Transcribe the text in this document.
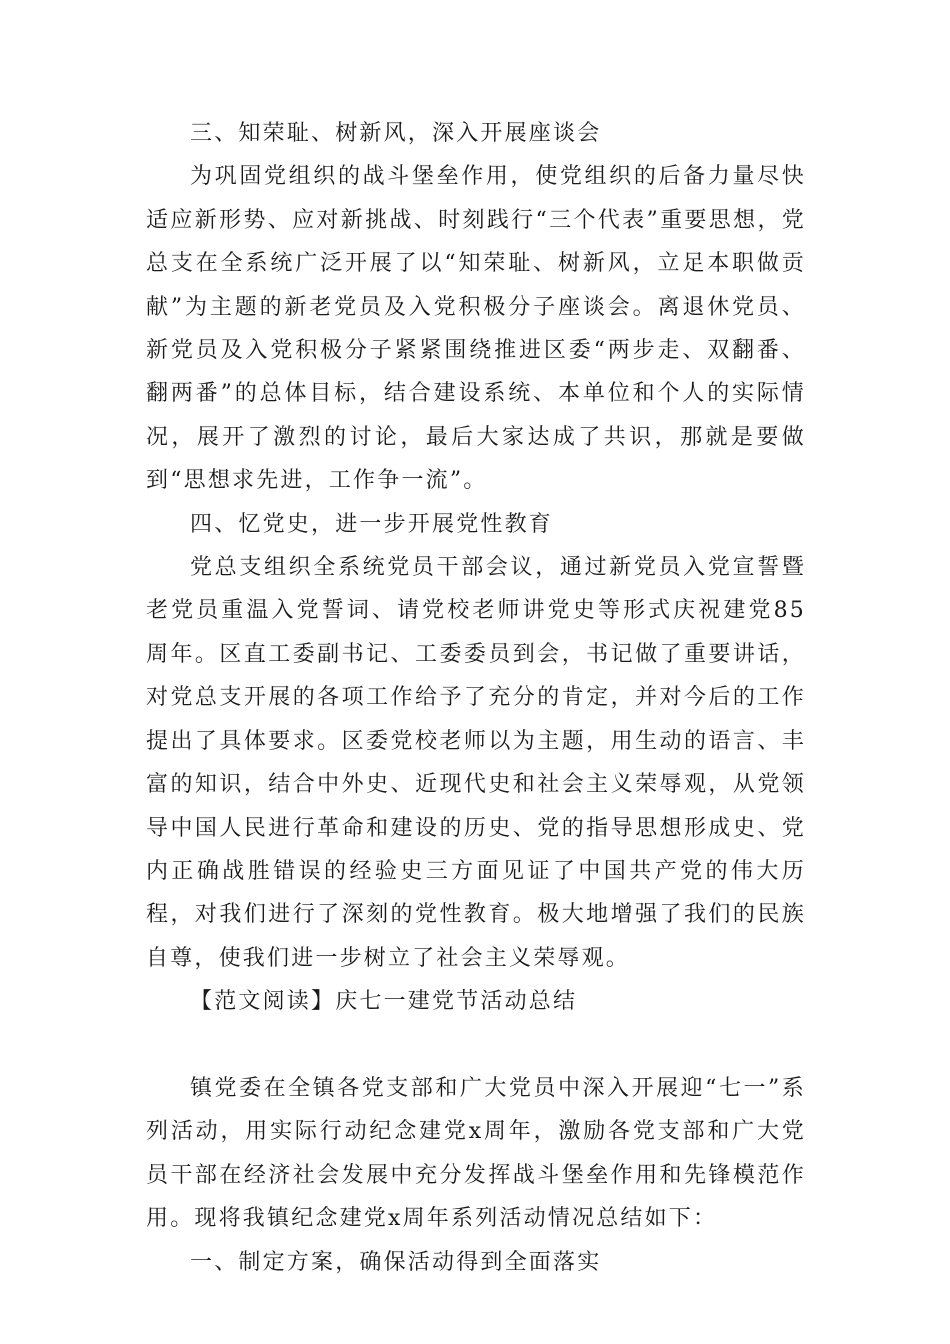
三、知荣耻、树新风，深入开展座谈会

为巩固党组织的战斗堡垒作用，使党组织的后备力量尽快适应新形势、应对新挑战、时刻践行“三个代表”重要思想，党总支在全系统广泛开展了以“知荣耻、树新风，立足本职做贡献”为主题的新老党员及入党积极分子座谈会。离退休党员、新党员及入党积极分子紧紧围绕推进区委“两步走、双翻番、翻两番”的总体目标，结合建设系统、本单位和个人的实际情况，展开了激烈的讨论，最后大家达成了共识，那就是要做到“思想求先进，工作争一流”。

四、忆党史，进一步开展党性教育

党总支组织全系统党员干部会议，通过新党员入党宣誓暨老党员重温入党誓词、请党校老师讲党史等形式庆祝建党85周年。区直工委副书记、工委委员到会，书记做了重要讲话，对党总支开展的各项工作给予了充分的肯定，并对今后的工作提出了具体要求。区委党校老师以为主题，用生动的语言、丰富的知识，结合中外史、近现代史和社会主义荣辱观，从党领导中国人民进行革命和建设的历史、党的指导思想形成史、党内正确战胜错误的经验史三方面见证了中国共产党的伟大历程，对我们进行了深刻的党性教育。极大地增强了我们的民族自尊，使我们进一步树立了社会主义荣辱观。

【范文阅读】庆七一建党节活动总结

镇党委在全镇各党支部和广大党员中深入开展迎“七一”系列活动，用实际行动纪念建党x周年，激励各党支部和广大党员干部在经济社会发展中充分发挥战斗堡垒作用和先锋模范作用。现将我镇纪念建党x周年系列活动情况总结如下：

一、制定方案，确保活动得到全面落实
